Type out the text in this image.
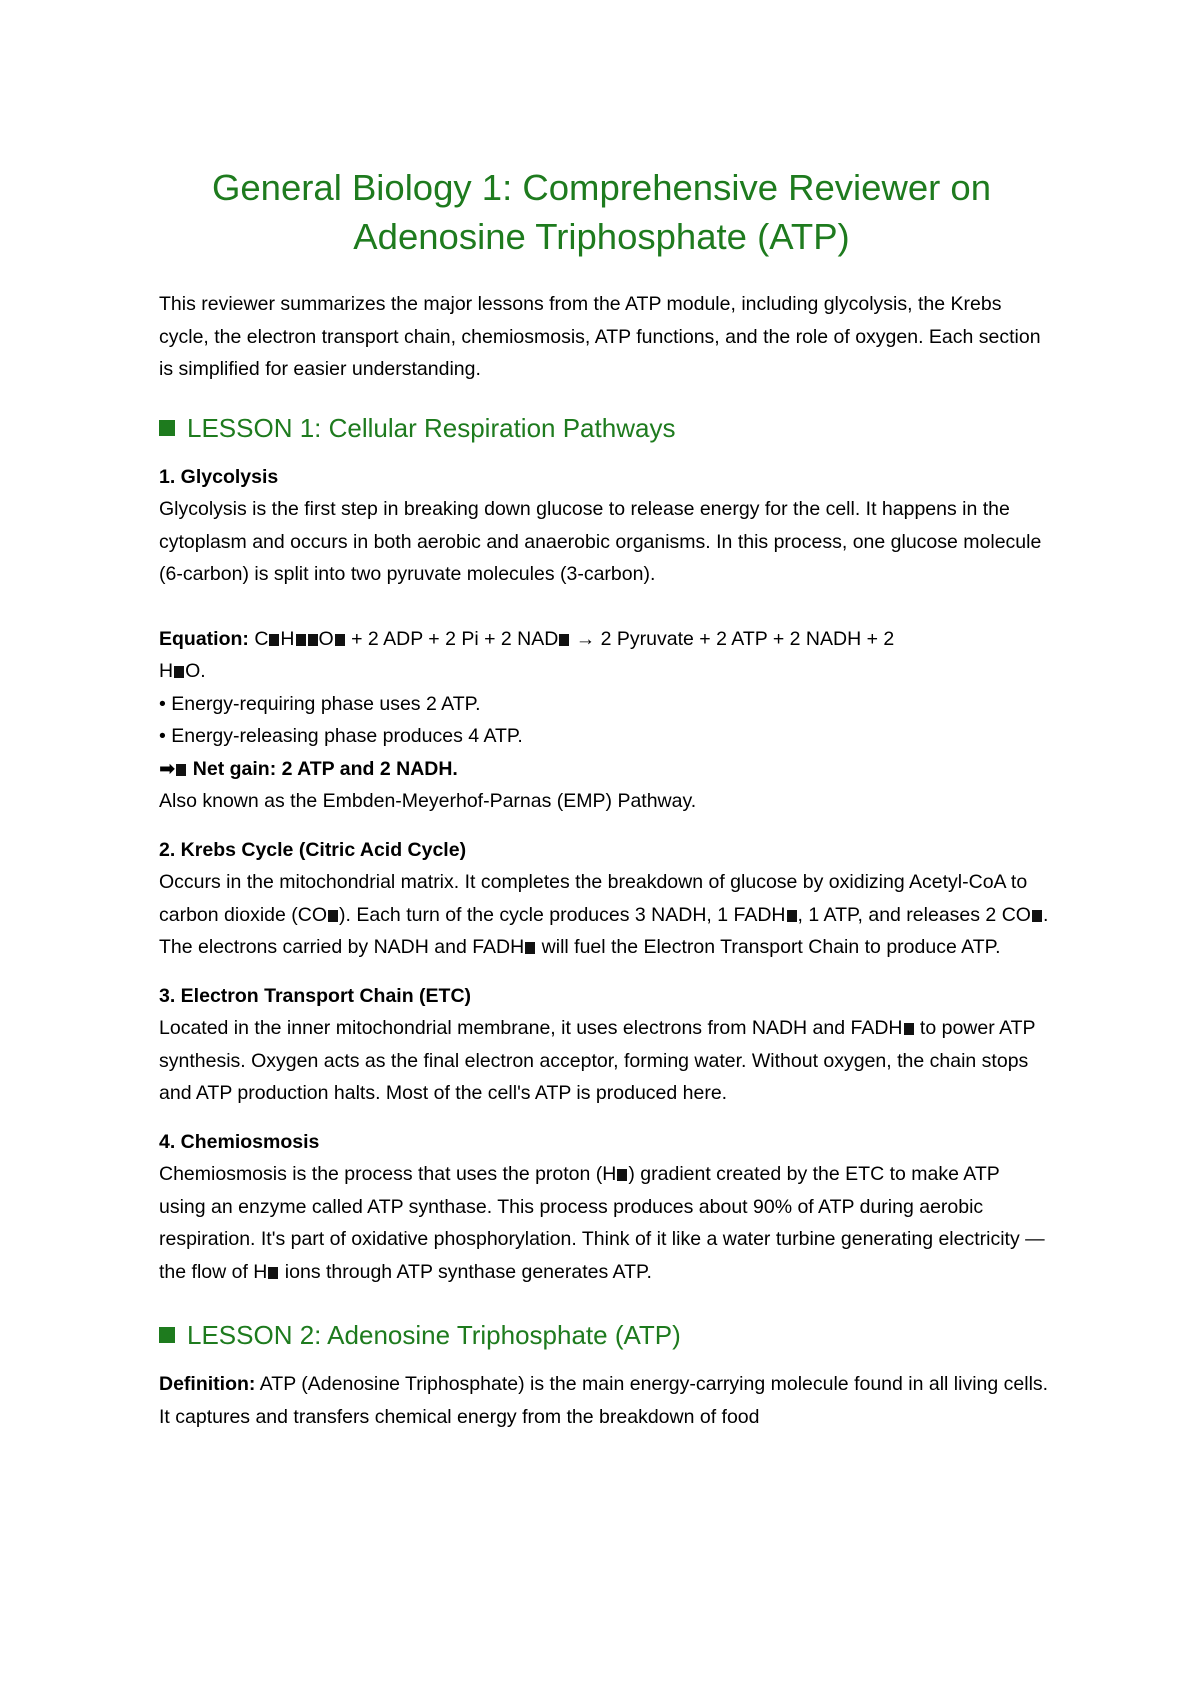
General Biology 1: Comprehensive Reviewer on
Adenosine Triphosphate (ATP)

This reviewer summarizes the major lessons from the ATP module, including glycolysis, the Krebs cycle, the electron transport chain, chemiosmosis, ATP functions, and the role of oxygen. Each section is simplified for easier understanding.

LESSON 1: Cellular Respiration Pathways

1. Glycolysis

Glycolysis is the first step in breaking down glucose to release energy for the cell. It happens in the cytoplasm and occurs in both aerobic and anaerobic organisms. In this process, one glucose molecule (6-carbon) is split into two pyruvate molecules (3-carbon).

Equation: C H O + 2 ADP + 2 Pi + 2 NAD → 2 Pyruvate + 2 ATP + 2 NADH + 2
H O.

• Energy-requiring phase uses 2 ATP.

• Energy-releasing phase produces 4 ATP.

➡ Net gain: 2 ATP and 2 NADH.

Also known as the Embden-Meyerhof-Parnas (EMP) Pathway.

2. Krebs Cycle (Citric Acid Cycle)

Occurs in the mitochondrial matrix. It completes the breakdown of glucose by oxidizing Acetyl-CoA to carbon dioxide (CO ). Each turn of the cycle produces 3 NADH, 1 FADH , 1 ATP, and releases 2 CO . The electrons carried by NADH and FADH will fuel the Electron Transport Chain to produce ATP.

3. Electron Transport Chain (ETC)

Located in the inner mitochondrial membrane, it uses electrons from NADH and FADH to power ATP synthesis. Oxygen acts as the final electron acceptor, forming water. Without oxygen, the chain stops and ATP production halts. Most of the cell's ATP is produced here.

4. Chemiosmosis

Chemiosmosis is the process that uses the proton (H ) gradient created by the ETC to make ATP using an enzyme called ATP synthase. This process produces about 90% of ATP during aerobic respiration. It's part of oxidative phosphorylation. Think of it like a water turbine generating electricity — the flow of H ions through ATP synthase generates ATP.

LESSON 2: Adenosine Triphosphate (ATP)

Definition: ATP (Adenosine Triphosphate) is the main energy-carrying molecule found in all living cells. It captures and transfers chemical energy from the breakdown of food
